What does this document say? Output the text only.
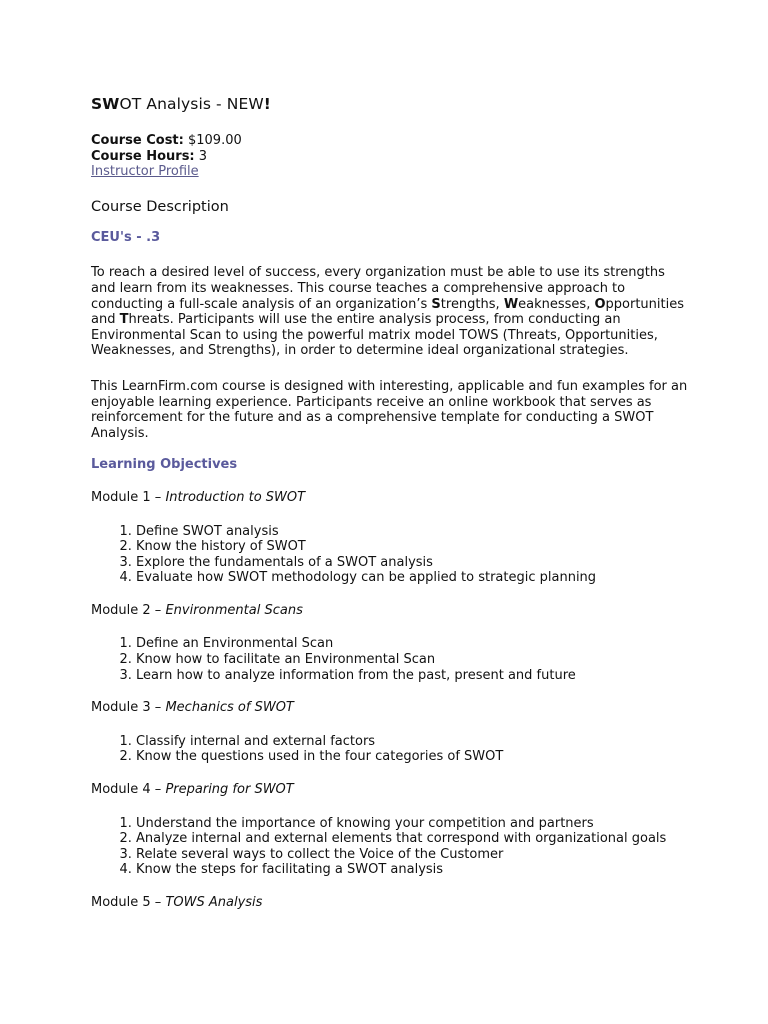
SWOT Analysis - NEW!
Course Cost: $109.00
Course Hours: 3
Instructor Profile
Course Description
CEU's - .3

To reach a desired level of success, every organization must be able to use its strengths and learn from its weaknesses. This course teaches a comprehensive approach to conducting a full-scale analysis of an organization’s Strengths, Weaknesses, Opportunities and Threats. Participants will use the entire analysis process, from conducting an Environmental Scan to using the powerful matrix model TOWS (Threats, Opportunities, Weaknesses, and Strengths), in order to determine ideal organizational strategies.

This LearnFirm.com course is designed with interesting, applicable and fun examples for an enjoyable learning experience. Participants receive an online workbook that serves as reinforcement for the future and as a comprehensive template for conducting a SWOT Analysis.

Learning Objectives
Module 1 – Introduction to SWOT
1. Define SWOT analysis
2. Know the history of SWOT
3. Explore the fundamentals of a SWOT analysis
4. Evaluate how SWOT methodology can be applied to strategic planning
Module 2 – Environmental Scans
1. Define an Environmental Scan
2. Know how to facilitate an Environmental Scan
3. Learn how to analyze information from the past, present and future
Module 3 – Mechanics of SWOT
1. Classify internal and external factors
2. Know the questions used in the four categories of SWOT
Module 4 – Preparing for SWOT
1. Understand the importance of knowing your competition and partners
2. Analyze internal and external elements that correspond with organizational goals
3. Relate several ways to collect the Voice of the Customer
4. Know the steps for facilitating a SWOT analysis
Module 5 – TOWS Analysis
